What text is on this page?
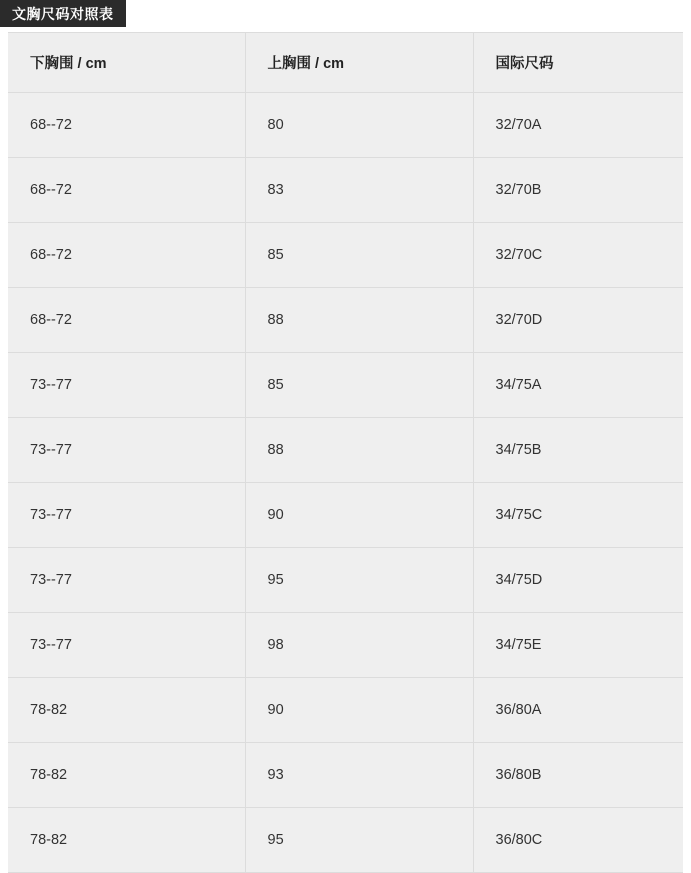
文胸尺码对照表
下胸围 / cm	上胸围 / cm	国际尺码
68--72	80	32/70A
68--72	83	32/70B
68--72	85	32/70C
68--72	88	32/70D
73--77	85	34/75A
73--77	88	34/75B
73--77	90	34/75C
73--77	95	34/75D
73--77	98	34/75E
78-82	90	36/80A
78-82	93	36/80B
78-82	95	36/80C
